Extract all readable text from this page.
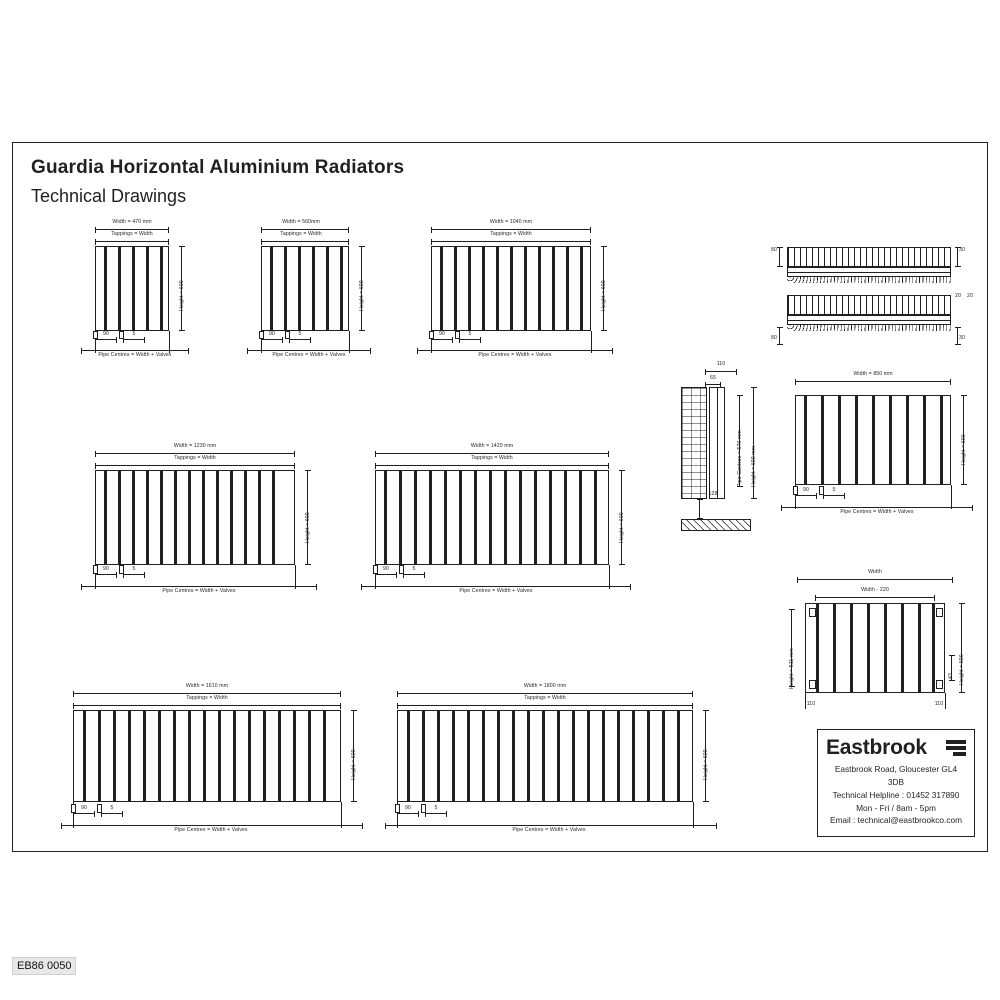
Guardia Horizontal Aluminium Radiators
Technical Drawings
Width = 470 mm
Tappings = Width
Height = 600
90	5
Pipe Centres = Width + Valves
Width = 560mm
Tappings = Width
Height = 600
90	5
Pipe Centres = Width + Valves
Width = 1040 mm
Tappings = Width
Height = 600
90	5
Pipe Centres = Width + Valves
Width = 1230 mm
Tappings = Width
Height = 600
90	5
Pipe Centres = Width + Valves
Width = 1420 mm
Tappings = Width
Height = 600
90	5
Pipe Centres = Width + Valves
Width = 1610 mm
Tappings = Width
Height = 600
90	5
Pipe Centres = Width + Valves
Width = 1800 mm
Tappings = Width
Height = 600
90	5
Pipe Centres = Width + Valves
80	30
20 20
80	30
110
65
Pipe Centres = 570 mm Height = 600 mm
128
Width = 850 mm
Height = 600
90	5
Pipe Centres = Width + Valves
Width
Width - 220
Height = 511 mm	Height = 600
43
110	110
Eastbrook
Eastbrook Road, Gloucester GL4 3DB
Technical Helpline : 01452 317890
Mon - Fri / 8am - 5pm
Email : technical@eastbrookco.com
EB86 0050
